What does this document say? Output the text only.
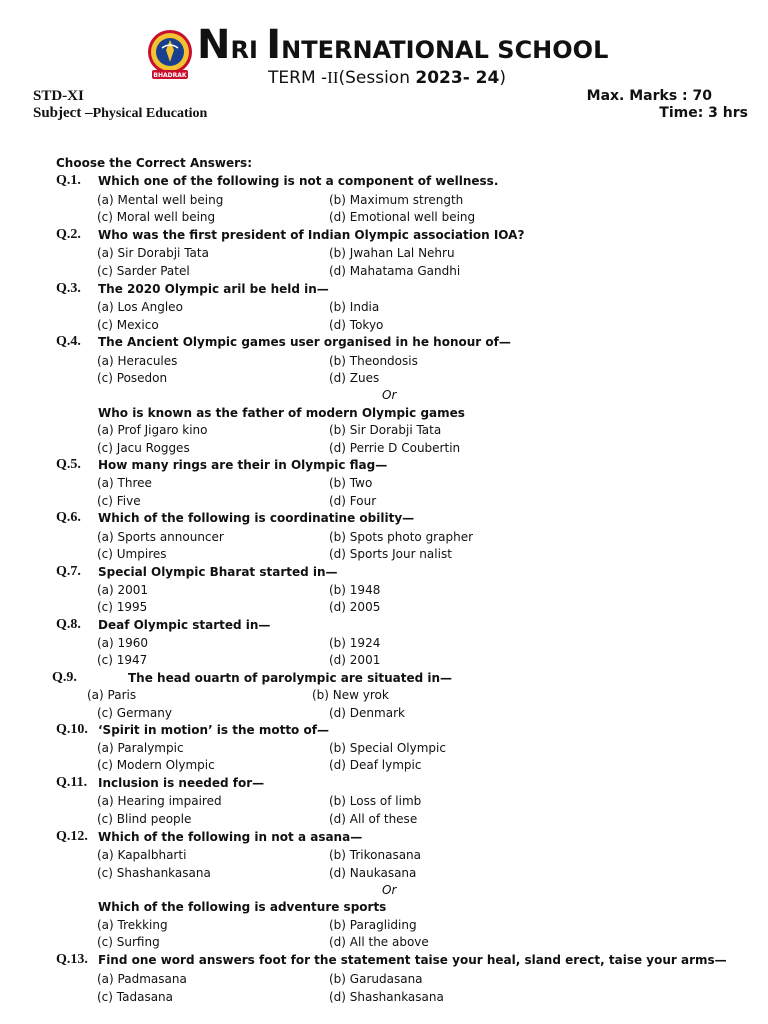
BHADRAK
NRI INTERNATIONAL SCHOOL
TERM -II(Session 2023- 24)
STD-XI
Subject –Physical Education
Max. Marks : 70
Time: 3 hrs
Choose the Correct Answers:
Q.1. Which one of the following is not a component of wellness.
(a) Mental well being	(b) Maximum strength
(c) Moral well being	(d) Emotional well being
Q.2. Who was the first president of Indian Olympic association IOA?
(a) Sir Dorabji Tata	(b) Jwahan Lal Nehru
(c) Sarder Patel	(d) Mahatama Gandhi
Q.3. The 2020 Olympic aril be held in—
(a) Los Angleo	(b) India
(c) Mexico	(d) Tokyo
Q.4. The Ancient Olympic games user organised in he honour of—
(a) Heracules	(b) Theondosis
(c) Posedon	(d) Zues
Or
Who is known as the father of modern Olympic games
(a) Prof Jigaro kino	(b) Sir Dorabji Tata
(c) Jacu Rogges	(d) Perrie D Coubertin
Q.5. How many rings are their in Olympic flag—
(a) Three	(b) Two
(c) Five	(d) Four
Q.6. Which of the following is coordinatine obility—
(a) Sports announcer	(b) Spots photo grapher
(c) Umpires	(d) Sports Jour nalist
Q.7. Special Olympic Bharat started in—
(a) 2001	(b) 1948
(c) 1995	(d) 2005
Q.8. Deaf Olympic started in—
(a) 1960	(b) 1924
(c) 1947	(d) 2001
Q.9.	The head ouartn of parolympic are situated in—
(a) Paris	(b) New yrok
(c) Germany	(d) Denmark
Q.10. ‘Spirit in motion’ is the motto of—
(a) Paralympic	(b) Special Olympic
(c) Modern Olympic	(d) Deaf lympic
Q.11. Inclusion is needed for—
(a) Hearing impaired	(b) Loss of limb
(c) Blind people	(d) All of these
Q.12. Which of the following in not a asana—
(a) Kapalbharti	(b) Trikonasana
(c) Shashankasana	(d) Naukasana
Or
Which of the following is adventure sports
(a) Trekking	(b) Paragliding
(c) Surfing	(d) All the above
Q.13. Find one word answers foot for the statement taise your heal, sland erect, taise your arms—
(a) Padmasana	(b) Garudasana
(c) Tadasana	(d) Shashankasana
